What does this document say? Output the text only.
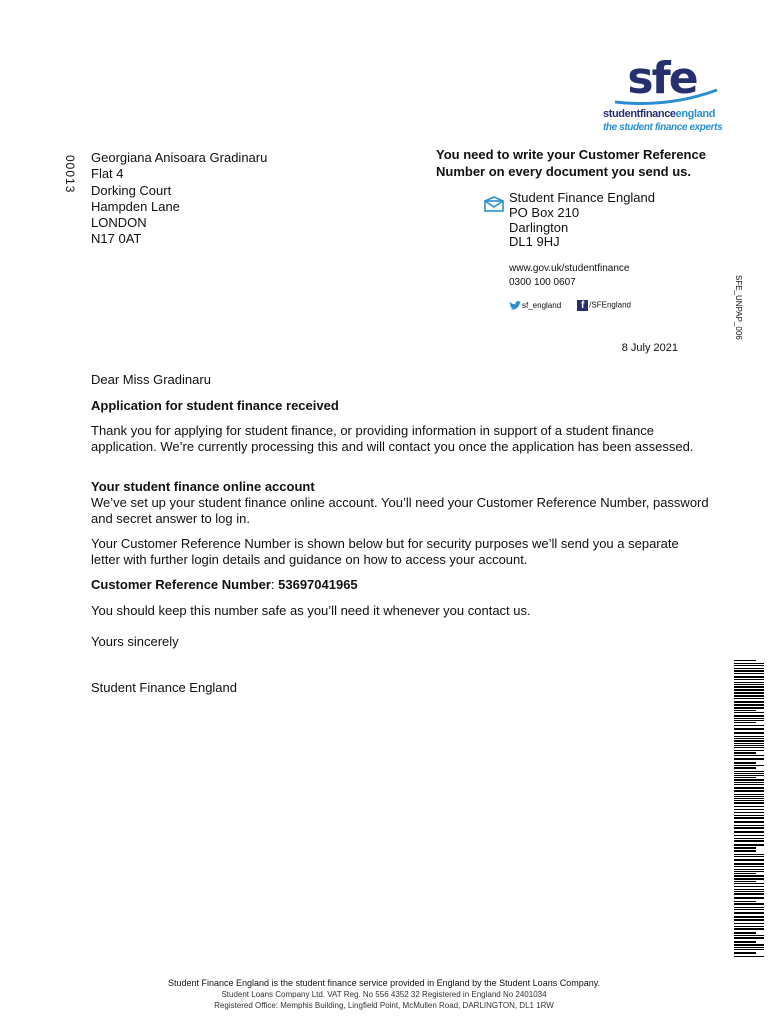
sfe
studentfinanceengland
the student finance experts
00013 Georgiana Anisoara Gradinaru
Flat 4
Dorking Court
Hampden Lane
LONDON
N17 0AT
You need to write your Customer Reference Number on every document you send us.
Student Finance England
PO Box 210
Darlington
DL1 9HJ
www.gov.uk/studentfinance
0300 100 0607
sf_england	f /SFEngland	SFE_UNPAP_006
8 July 2021
Dear Miss Gradinaru
Application for student finance received
Thank you for applying for student finance, or providing information in support of a student finance application. We’re currently processing this and will contact you once the application has been assessed.
Your student finance online account
We’ve set up your student finance online account. You’ll need your Customer Reference Number, password and secret answer to log in.
Your Customer Reference Number is shown below but for security purposes we’ll send you a separate letter with further login details and guidance on how to access your account.
Customer Reference Number: 53697041965
You should keep this number safe as you’ll need it whenever you contact us.
Yours sincerely
Student Finance England
Student Finance England is the student finance service provided in England by the Student Loans Company.
Student Loans Company Ltd. VAT Reg. No 556 4352 32 Registered in England No 2401034
Registered Office: Memphis Building, Lingfield Point, McMullen Road, DARLINGTON, DL1 1RW
